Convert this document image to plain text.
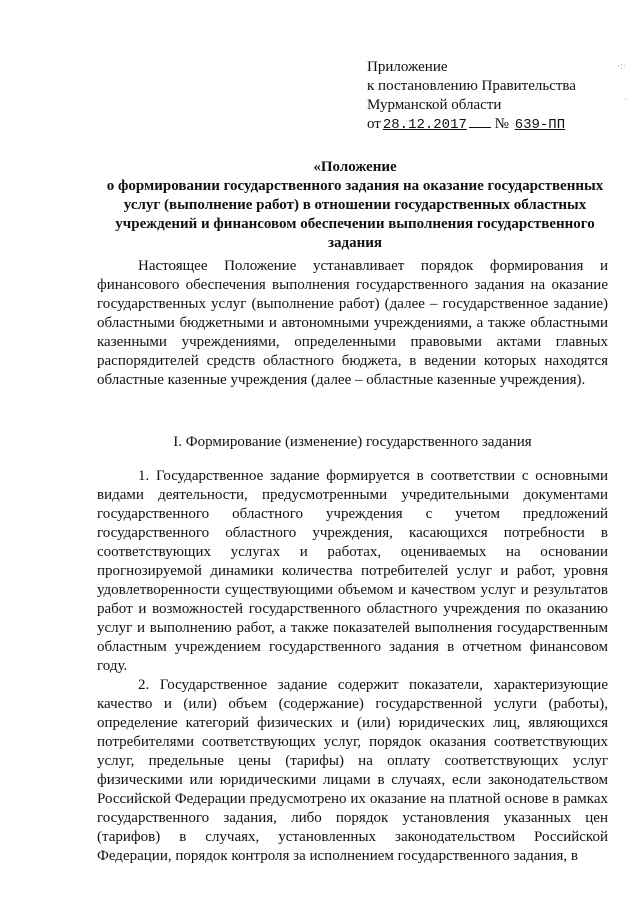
Приложение
к постановлению Правительства
Мурманской области
от 28.12.2017 № 639-ПП
«Положение
о формировании государственного задания на оказание государственных
услуг (выполнение работ) в отношении государственных областных
учреждений и финансовом обеспечении выполнения государственного
задания

Настоящее Положение устанавливает порядок формирования и финансового обеспечения выполнения государственного задания на оказание государственных услуг (выполнение работ) (далее – государственное задание) областными бюджетными и автономными учреждениями, а также областными казенными учреждениями, определенными правовыми актами главных распорядителей средств областного бюджета, в ведении которых находятся областные казенные учреждения (далее – областные казенные учреждения).

I. Формирование (изменение) государственного задания

1. Государственное задание формируется в соответствии с основными видами деятельности, предусмотренными учредительными документами государственного областного учреждения с учетом предложений государственного областного учреждения, касающихся потребности в соответствующих услугах и работах, оцениваемых на основании прогнозируемой динамики количества потребителей услуг и работ, уровня удовлетворенности существующими объемом и качеством услуг и результатов работ и возможностей государственного областного учреждения по оказанию услуг и выполнению работ, а также показателей выполнения государственным областным учреждением государственного задания в отчетном финансовом году.

2. Государственное задание содержит показатели, характеризующие качество и (или) объем (содержание) государственной услуги (работы), определение категорий физических и (или) юридических лиц, являющихся потребителями соответствующих услуг, порядок оказания соответствующих услуг, предельные цены (тарифы) на оплату соответствующих услуг физическими или юридическими лицами в случаях, если законодательством Российской Федерации предусмотрено их оказание на платной основе в рамках государственного задания, либо порядок установления указанных цен (тарифов) в случаях, установленных законодательством Российской Федерации, порядок контроля за исполнением государственного задания, в

·:·
·
